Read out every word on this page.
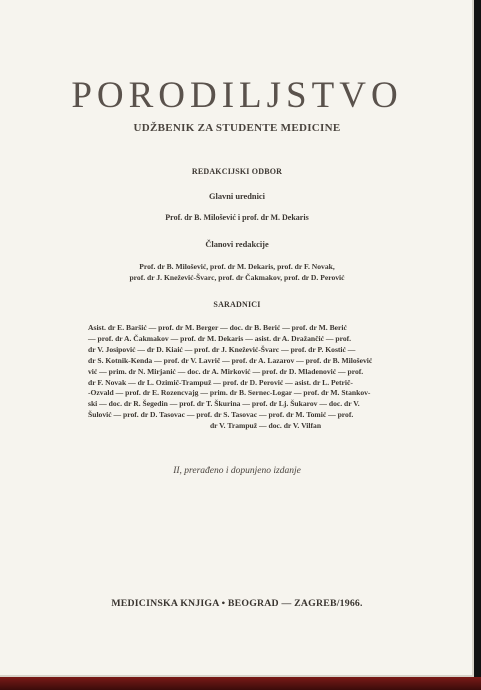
PORODILJSTVO
UDŽBENIK ZA STUDENTE MEDICINE
REDAKCIJSKI ODBOR
Glavni urednici
Prof. dr B. Milošević i prof. dr M. Dekaris
Članovi redakcije
Prof. dr B. Milošević, prof. dr M. Dekaris, prof. dr F. Novak,
prof. dr J. Knežević-Švarc, prof. dr Čakmakov, prof. dr D. Perović
SARADNICI
Asist. dr E. Baršić — prof. dr M. Berger — doc. dr B. Berić — prof. dr M. Berić
— prof. dr A. Čakmakov — prof. dr M. Dekaris — asist. dr A. Dražančić — prof.
dr V. Josipović — dr D. Kiaić — prof. dr J. Knežević-Švarc — prof. dr P. Kostić —
dr S. Kotnik-Kenda — prof. dr V. Lavrič — prof. dr A. Lazarov — prof. dr B. Milošević
vić — prim. dr N. Mirjanić — doc. dr A. Mirković — prof. dr D. Mladenović — prof.
dr F. Novak — dr L. Ozimič-Trampuž — prof. dr D. Perović — asist. dr L. Petrič-
-Ozvald — prof. dr E. Rozencvajg — prim. dr B. Sernec-Logar — prof. dr M. Stankov-
ski — doc. dr R. Šegedin — prof. dr T. Škurina — prof. dr Lj. Šukarov — doc. dr V.
Šulović — prof. dr D. Tasovac — prof. dr S. Tasovac — prof. dr M. Tomić — prof.
dr V. Trampuž — doc. dr V. Vilfan
II, prerađeno i dopunjeno izdanje
MEDICINSKA KNJIGA • BEOGRAD — ZAGREB/1966.
